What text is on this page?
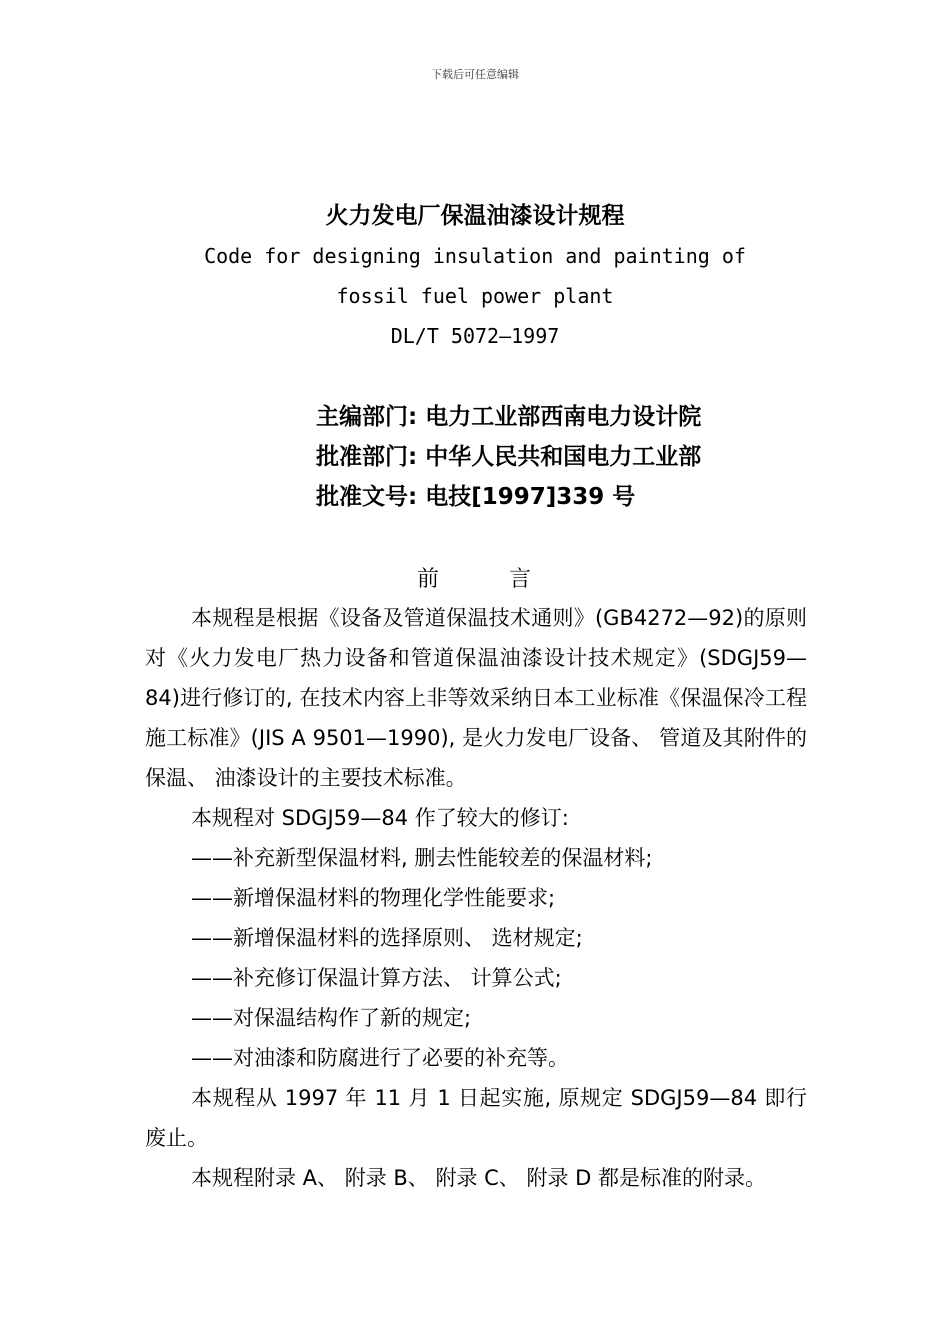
下载后可任意编辑
火力发电厂保温油漆设计规程
Code for designing insulation and painting of
fossil fuel power plant
DL/T 5072—1997
主编部门: 电力工业部西南电力设计院
批准部门: 中华人民共和国电力工业部
批准文号: 电技[1997]339 号
前	言

本规程是根据《设备及管道保温技术通则》(GB4272—92)的原则对《火力发电厂热力设备和管道保温油漆设计技术规定》(SDGJ59—84)进行修订的, 在技术内容上非等效采纳日本工业标准《保温保冷工程施工标准》(JIS A 9501—1990), 是火力发电厂设备、 管道及其附件的保温、 油漆设计的主要技术标准。

本规程对 SDGJ59—84 作了较大的修订:

——补充新型保温材料, 删去性能较差的保温材料;

——新增保温材料的物理化学性能要求;

——新增保温材料的选择原则、 选材规定;

——补充修订保温计算方法、 计算公式;

——对保温结构作了新的规定;

——对油漆和防腐进行了必要的补充等。

本规程从 1997 年 11 月 1 日起实施, 原规定 SDGJ59—84 即行废止。

本规程附录 A、 附录 B、 附录 C、 附录 D 都是标准的附录。
